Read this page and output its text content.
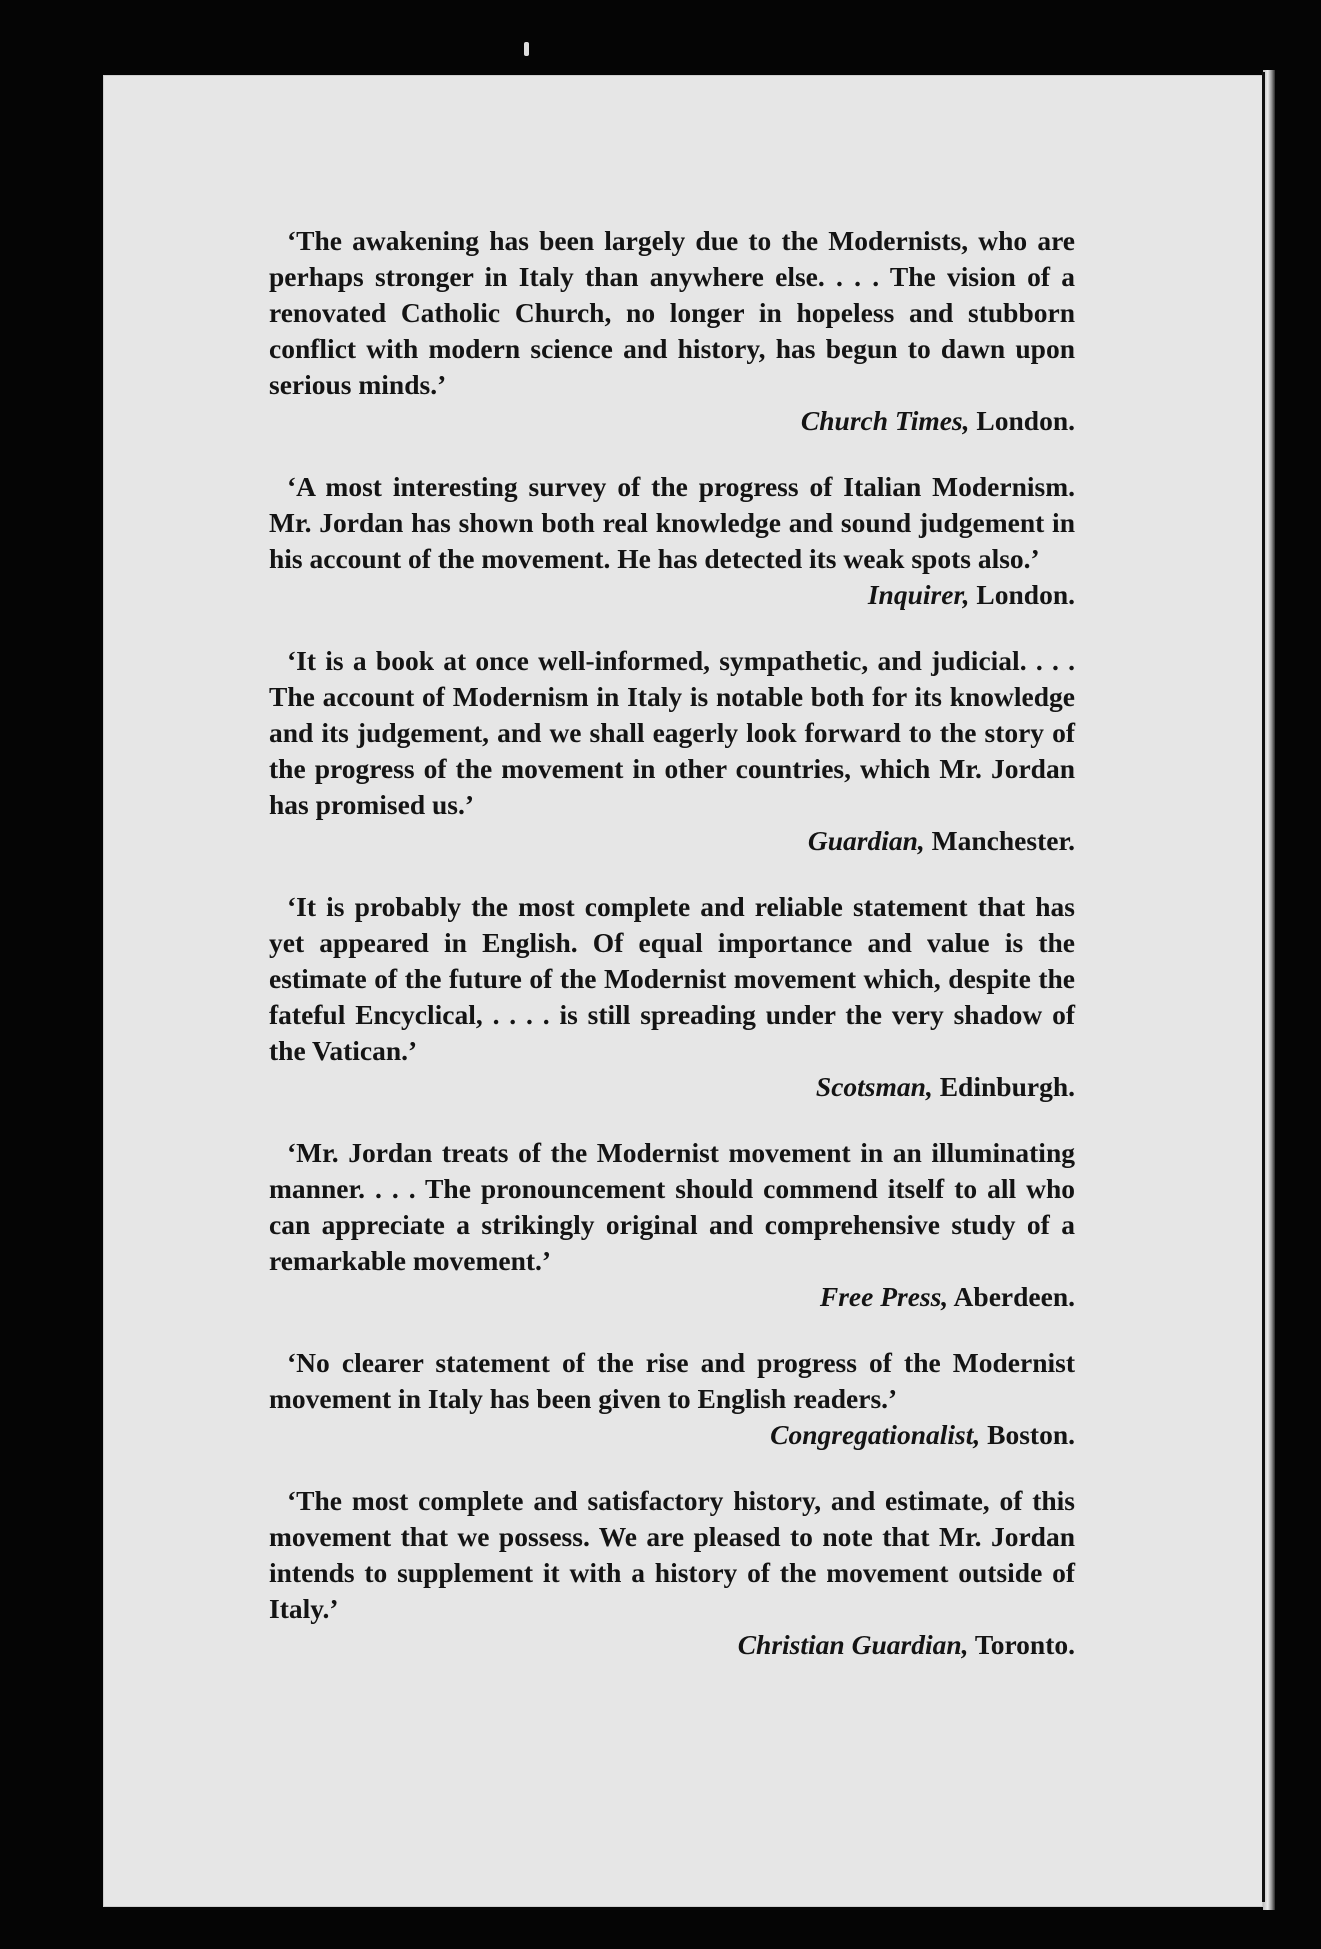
‘The awakening has been largely due to the Modernists, who are perhaps stronger in Italy than anywhere else. . . . The vision of a renovated Catholic Church, no longer in hopeless and stubborn conflict with modern science and history, has begun to dawn upon serious minds.’

Church Times, London.

‘A most interesting survey of the progress of Italian Modernism. Mr. Jordan has shown both real knowledge and sound judgement in his account of the movement. He has detected its weak spots also.’

Inquirer, London.

‘It is a book at once well-informed, sympathetic, and judicial. . . . The account of Modernism in Italy is notable both for its knowledge and its judgement, and we shall eagerly look forward to the story of the progress of the movement in other countries, which Mr. Jordan has promised us.’

Guardian, Manchester.

‘It is probably the most complete and reliable statement that has yet appeared in English. Of equal importance and value is the estimate of the future of the Modernist movement which, despite the fateful Encyclical, . . . . is still spreading under the very shadow of the Vatican.’

Scotsman, Edinburgh.

‘Mr. Jordan treats of the Modernist movement in an illuminating manner. . . . The pronouncement should commend itself to all who can appreciate a strikingly original and comprehensive study of a remarkable movement.’

Free Press, Aberdeen.

‘No clearer statement of the rise and progress of the Modernist movement in Italy has been given to English readers.’

Congregationalist, Boston.

‘The most complete and satisfactory history, and estimate, of this movement that we possess. We are pleased to note that Mr. Jordan intends to supplement it with a history of the movement outside of Italy.’

Christian Guardian, Toronto.
